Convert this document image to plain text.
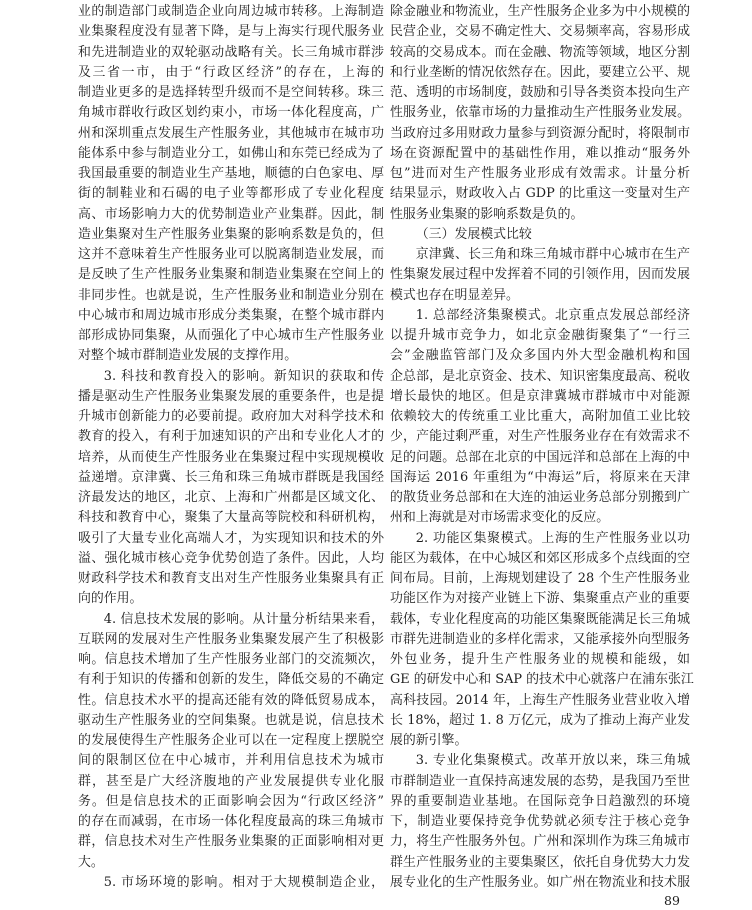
业的制造部门或制造企业向周边城市转移。上海制造
业集聚程度没有显著下降，是与上海实行现代服务业
和先进制造业的双轮驱动战略有关。长三角城市群涉
及三省一市，由于“行政区经济”的存在，上海的
制造业更多的是选择转型升级而不是空间转移。珠三
角城市群收行政区划约束小，市场一体化程度高，广
州和深圳重点发展生产性服务业，其他城市在城市功
能体系中参与制造业分工，如佛山和东莞已经成为了
我国最重要的制造业生产基地，顺德的白色家电、厚
街的制鞋业和石碣的电子业等都形成了专业化程度
高、市场影响力大的优势制造业产业集群。因此，制
造业集聚对生产性服务业集聚的影响系数是负的，但
这并不意味着生产性服务业可以脱离制造业发展，而
是反映了生产性服务业集聚和制造业集聚在空间上的
非同步性。也就是说，生产性服务业和制造业分别在
中心城市和周边城市形成分类集聚，在整个城市群内
部形成协同集聚，从而强化了中心城市生产性服务业
对整个城市群制造业发展的支撑作用。
3. 科技和教育投入的影响。新知识的获取和传
播是驱动生产性服务业集聚发展的重要条件，也是提
升城市创新能力的必要前提。政府加大对科学技术和
教育的投入，有利于加速知识的产出和专业化人才的
培养，从而使生产性服务业在集聚过程中实现规模收
益递增。京津冀、长三角和珠三角城市群既是我国经
济最发达的地区，北京、上海和广州都是区域文化、
科技和教育中心，聚集了大量高等院校和科研机构，
吸引了大量专业化高端人才，为实现知识和技术的外
溢、强化城市核心竞争优势创造了条件。因此，人均
财政科学技术和教育支出对生产性服务业集聚具有正
向的作用。
4. 信息技术发展的影响。从计量分析结果来看，
互联网的发展对生产性服务业集聚发展产生了积极影
响。信息技术增加了生产性服务业部门的交流频次，
有利于知识的传播和创新的发生，降低交易的不确定
性。信息技术水平的提高还能有效的降低贸易成本，
驱动生产性服务业的空间集聚。也就是说，信息技术
的发展使得生产性服务企业可以在一定程度上摆脱空
间的限制区位在中心城市，并利用信息技术为城市
群，甚至是广大经济腹地的产业发展提供专业化服
务。但是信息技术的正面影响会因为“行政区经济”
的存在而减弱，在市场一体化程度最高的珠三角城市
群，信息技术对生产性服务业集聚的正面影响相对更
大。
5. 市场环境的影响。相对于大规模制造企业，
除金融业和物流业，生产性服务企业多为中小规模的
民营企业，交易不确定性大、交易频率高，容易形成
较高的交易成本。而在金融、物流等领域，地区分割
和行业垄断的情况依然存在。因此，要建立公平、规
范、透明的市场制度，鼓励和引导各类资本投向生产
性服务业，依靠市场的力量推动生产性服务业发展。
当政府过多用财政力量参与到资源分配时，将限制市
场在资源配置中的基础性作用，难以推动“服务外
包”进而对生产性服务业形成有效需求。计量分析
结果显示，财政收入占 GDP 的比重这一变量对生产
性服务业集聚的影响系数是负的。
（三）发展模式比较
京津冀、长三角和珠三角城市群中心城市在生产
性集聚发展过程中发挥着不同的引领作用，因而发展
模式也存在明显差异。
1. 总部经济集聚模式。北京重点发展总部经济
以提升城市竞争力，如北京金融街聚集了“一行三
会”金融监管部门及众多国内外大型金融机构和国
企总部，是北京资金、技术、知识密集度最高、税收
增长最快的地区。但是京津冀城市群城市中对能源
依赖较大的传统重工业比重大，高附加值工业比较
少，产能过剩严重，对生产性服务业存在有效需求不
足的问题。总部在北京的中国远洋和总部在上海的中
国海运 2016 年重组为“中海运”后，将原来在天津
的散货业务总部和在大连的油运业务总部分别搬到广
州和上海就是对市场需求变化的反应。
2. 功能区集聚模式。上海的生产性服务业以功
能区为载体，在中心城区和郊区形成多个点线面的空
间布局。目前，上海规划建设了 28 个生产性服务业
功能区作为对接产业链上下游、集聚重点产业的重要
载体，专业化程度高的功能区集聚既能满足长三角城
市群先进制造业的多样化需求，又能承接外向型服务
外包业务，提升生产性服务业的规模和能级，如
GE 的研发中心和 SAP 的技术中心就落户在浦东张江
高科技园。2014 年，上海生产性服务业营业收入增
长 18%，超过 1. 8 万亿元，成为了推动上海产业发
展的新引擎。
3. 专业化集聚模式。改革开放以来，珠三角城
市群制造业一直保持高速发展的态势，是我国乃至世
界的重要制造业基地。在国际竞争日趋激烈的环境
下，制造业要保持竞争优势就必须专注于核心竞争
力，将生产性服务外包。广州和深圳作为珠三角城市
群生产性服务业的主要集聚区，依托自身优势大力发
展专业化的生产性服务业。如广州在物流业和技术服
89
